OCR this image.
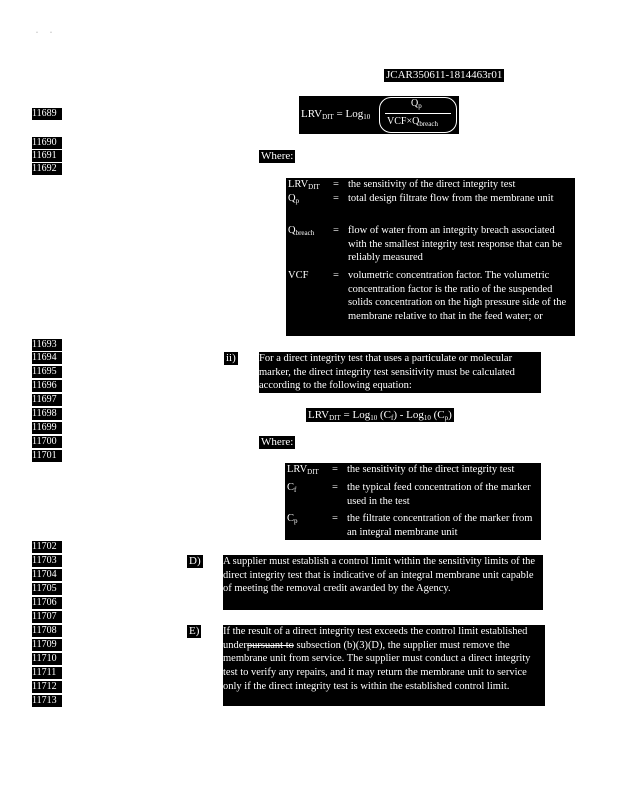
·        ·
JCAR350611-1814463r01
11689
11690
11691
11692
11693
11694
11695
11696
11697
11698
11699
11700
11701
11702
11703
11704
11705
11706
11707
11708
11709
11710
11711
11712
11713
$LRV_{DIT} = Log_{10}$
$Q_p$
$VCF\times Q_{breach}$
Where:
$LRV_{DIT}$ = the sensitivity of the direct integrity test
$Q_p$	= total design filtrate flow from the membrane unit
$Q_{breach}$ = flow of water from an integrity breach associated with the smallest integrity test response that can be reliably measured
VCF = volumetric concentration factor. The volumetric concentration factor is the ratio of the suspended solids concentration on the high pressure side of the membrane relative to that in the feed water; or
ii) For a direct integrity test that uses a particulate or molecular marker, the direct integrity test sensitivity must be calculated according to the following equation:
$LRV_{DIT} = Log_{10}$ $(C_f) - Log_{10}$ $(C_p)$
Where:
$LRV_{DIT}$ = the sensitivity of the direct integrity test
$C_f$	= the typical feed concentration of the marker used in the test
$C_p$	= the filtrate concentration of the marker from an integral membrane unit
D) A supplier must establish a control limit within the sensitivity limits of the direct integrity test that is indicative of an integral membrane unit capable of meeting the removal credit awarded by the Agency.
E) If the result of a direct integrity test exceeds the control limit established underpursuant to subsection (b)(3)(D), the supplier must remove the membrane unit from service. The supplier must conduct a direct integrity test to verify any repairs, and it may return the membrane unit to service only if the direct integrity test is within the established control limit.
